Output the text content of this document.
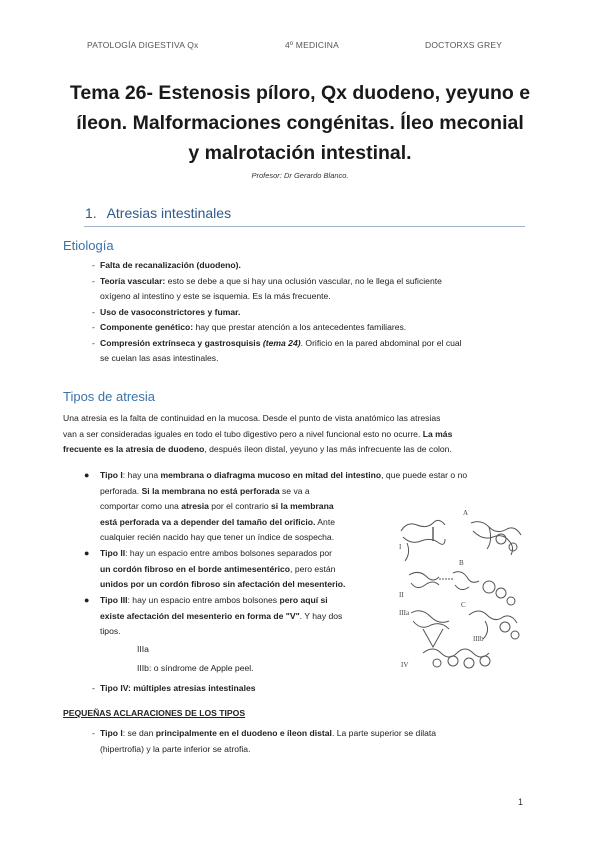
PATOLOGÍA DIGESTIVA Qx	4º MEDICINA	DOCTORXS GREY
Tema 26- Estenosis píloro, Qx duodeno, yeyuno e
íleon. Malformaciones congénitas. Íleo meconial
y malrotación intestinal.
Profesor: Dr Gerardo Blanco.
1. Atresias intestinales
Etiología
- Falta de recanalización (duodeno).
- Teoría vascular: esto se debe a que si hay una oclusión vascular, no le llega el suficiente
oxígeno al intestino y este se isquemia. Es la más frecuente.
- Uso de vasoconstrictores y fumar.
- Componente genético: hay que prestar atención a los antecedentes familiares.
- Compresión extrínseca y gastrosquisis (tema 24). Orificio en la pared abdominal por el cual
se cuelan las asas intestinales.
Tipos de atresia
Una atresia es la falta de continuidad en la mucosa. Desde el punto de vista anatómico las atresias
van a ser consideradas iguales en todo el tubo digestivo pero a nivel funcional esto no ocurre. La más
frecuente es la atresia de duodeno, después íleon distal, yeyuno y las más infrecuente las de colon.
● Tipo I: hay una membrana o diafragma mucoso en mitad del intestino, que puede estar o no
perforada. Si la membrana no está perforada se va a
comportar como una atresia por el contrario si la membrana
está perforada va a depender del tamaño del orificio. Ante
cualquier recién nacido hay que tener un índice de sospecha.
● Tipo II: hay un espacio entre ambos bolsones separados por
un cordón fibroso en el borde antimesentérico, pero están
unidos por un cordón fibroso sin afectación del mesenterio.
● Tipo III: hay un espacio entre ambos bolsones pero aquí si
existe afectación del mesenterio en forma de "V". Y hay dos
tipos.
IIIa
IIIb: o síndrome de Apple peel.
- Tipo IV: múltiples atresias intestinales
PEQUEÑAS ACLARACIONES DE LOS TIPOS
- Tipo I: se dan principalmente en el duodeno e íleon distal. La parte superior se dilata
(hipertrofia) y la parte inferior se atrofia.
A
B
C
I
II
IIIa
IIIb
IV
1
